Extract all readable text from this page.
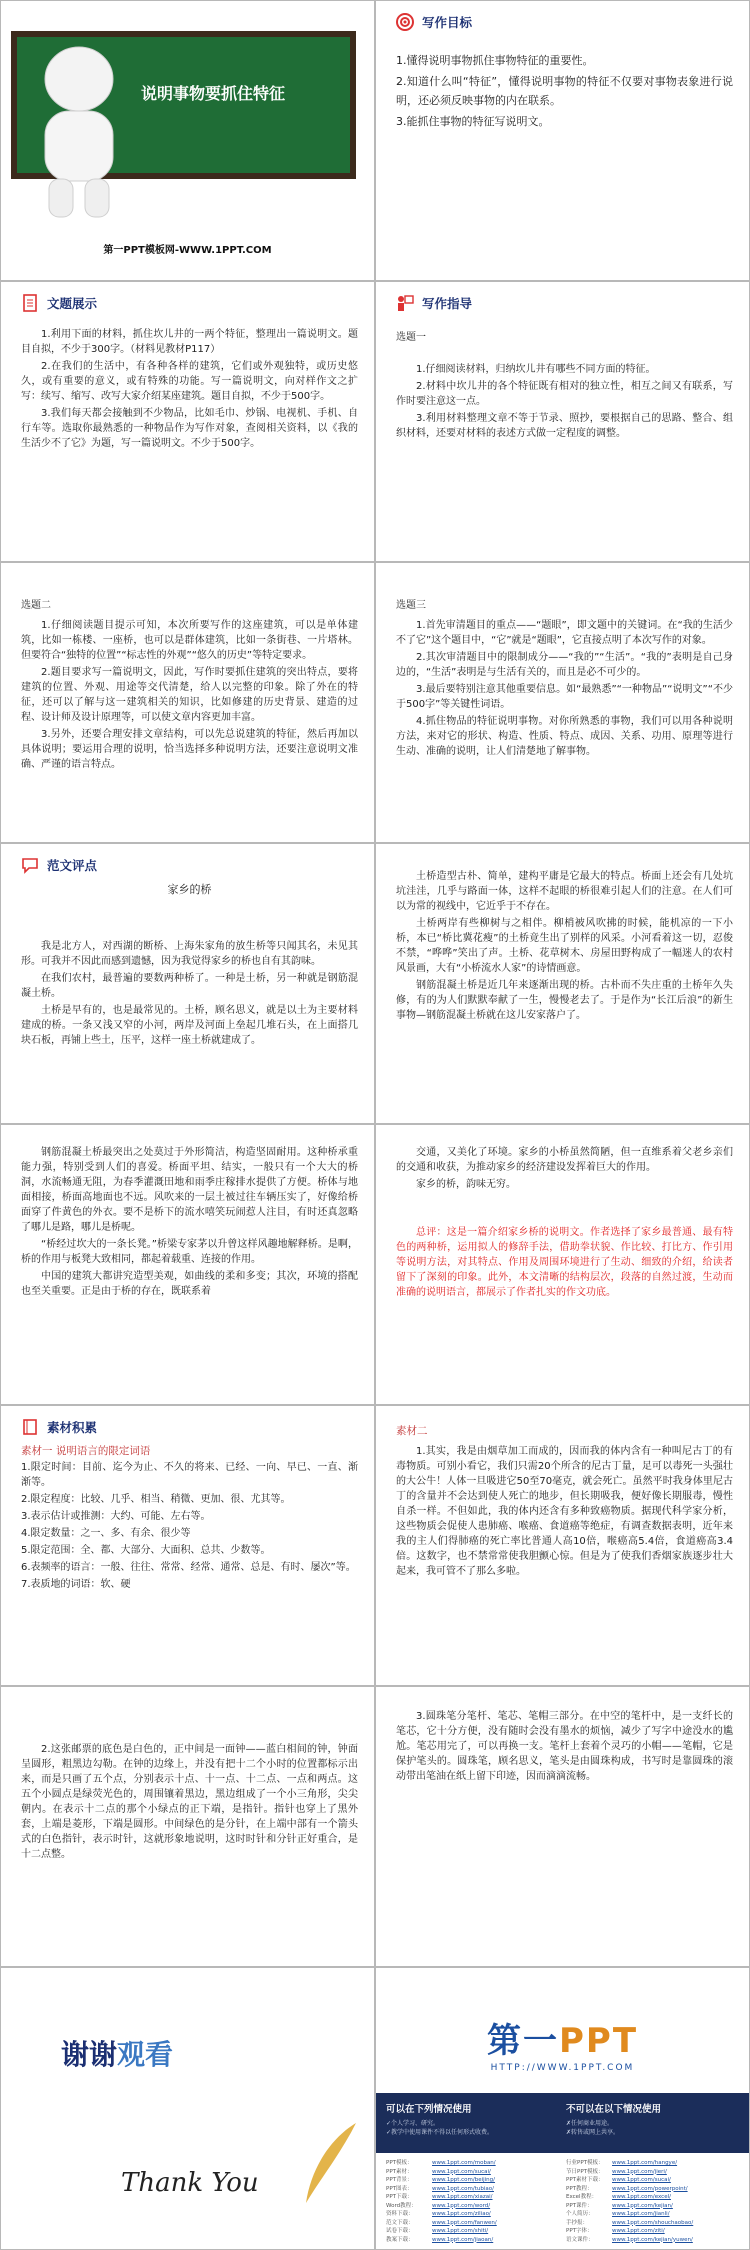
说明事物要抓住特征
第一PPT模板网-WWW.1PPT.COM
写作目标

1.懂得说明事物抓住事物特征的重要性。

2.知道什么叫“特征”，懂得说明事物的特征不仅要对事物表象进行说明，还必须反映事物的内在联系。

3.能抓住事物的特征写说明文。

文题展示

1.利用下面的材料，抓住坎儿井的一两个特征，整理出一篇说明文。题目自拟，不少于300字。（材料见教材P117）

2.在我们的生活中，有各种各样的建筑，它们或外观独特，或历史悠久，或有重要的意义，或有特殊的功能。写一篇说明文，向对样作文之扩写：续写、缩写、改写大家介绍某座建筑。题目自拟，不少于500字。

3.我们每天都会接触到不少物品，比如毛巾、炒锅、电视机、手机、自行车等。选取你最熟悉的一种物品作为写作对象，查阅相关资料，以《我的生活少不了它》为题，写一篇说明文。不少于500字。

写作指导
选题一

1.仔细阅读材料，归纳坎儿井有哪些不同方面的特征。

2.材料中坎儿井的各个特征既有相对的独立性，相互之间又有联系，写作时要注意这一点。

3.利用材料整理文章不等于节录、照抄，要根据自己的思路、整合、组织材料，还要对材料的表述方式做一定程度的调整。

选题二

1.仔细阅读题目提示可知，本次所要写作的这座建筑，可以是单体建筑，比如一栋楼、一座桥，也可以是群体建筑，比如一条街巷、一片塔林。但要符合“独特的位置”“标志性的外观”“悠久的历史”等特定要求。

2.题目要求写一篇说明文，因此，写作时要抓住建筑的突出特点，要将建筑的位置、外观、用途等交代清楚，给人以完整的印象。除了外在的特征，还可以了解与这一建筑相关的知识，比如修建的历史背景、建造的过程、设计师及设计原理等，可以使文章内容更加丰富。

3.另外，还要合理安排文章结构，可以先总说建筑的特征，然后再加以具体说明；要运用合理的说明，恰当选择多种说明方法，还要注意说明文准确、严谨的语言特点。

选题三

1.首先审清题目的重点——“题眼”，即文题中的关键词。在“我的生活少不了它”这个题目中，“它”就是“题眼”，它直接点明了本次写作的对象。

2.其次审清题目中的限制成分——“我的”“生活”。“我的”表明是自己身边的，“生活”表明是与生活有关的，而且是必不可少的。

3.最后要特别注意其他重要信息。如“最熟悉”“一种物品”“说明文”“不少于500字”等关键性词语。

4.抓住物品的特征说明事物。对你所熟悉的事物，我们可以用各种说明方法，来对它的形状、构造、性质、特点、成因、关系、功用、原理等进行生动、准确的说明，让人们清楚地了解事物。

范文评点
家乡的桥

我是北方人，对西湖的断桥、上海朱家角的放生桥等只闻其名，未见其形。可我并不因此而感到遗憾，因为我觉得家乡的桥也自有其韵味。

在我们农村，最普遍的要数两种桥了。一种是土桥，另一种就是钢筋混凝土桥。

土桥是早有的，也是最常见的。土桥，顾名思义，就是以土为主要材料建成的桥。一条又浅又窄的小河，两岸及河面上垒起几堆石头，在上面搭几块石板，再铺上些土，压平，这样一座土桥就建成了。

土桥造型古朴、简单，建构平庸是它最大的特点。桥面上还会有几处坑坑洼洼，几乎与路面一体，这样不起眼的桥很难引起人们的注意。在人们可以为常的视线中，它近乎于不存在。

土桥两岸有些柳树与之相伴。柳梢被风吹拂的时候，能机凉的一下小桥，本已“桥比冀花瘦”的土桥竟生出了别样的风采。小河看着这一切，忍俊不禁，“哗哗”笑出了声。土桥、花草树木、房屋田野构成了一幅迷人的农村风景画，大有“小桥流水人家”的诗情画意。

钢筋混凝土桥是近几年来逐渐出现的桥。古朴而不失庄重的土桥年久失修，有的为人们默默奉献了一生，慢慢老去了。于是作为“长江后浪”的新生事物—钢筋混凝土桥就在这儿安家落户了。

钢筋混凝土桥最突出之处莫过于外形简洁，构造坚固耐用。这种桥承重能力强，特别受到人们的喜爱。桥面平坦、结实，一般只有一个大大的桥洞，水流畅通无阻，为春季灌溉田地和雨季庄稼排水提供了方便。桥体与地面相接，桥面高地面也不远。风吹来的一层土被过往车辆压实了，好像给桥面穿了件黄色的外衣。要不是桥下的流水嘻笑玩闹惹人注目，有时还真忽略了哪儿是路，哪儿是桥呢。

“桥经过坎大的一条长凳。”桥梁专家茅以升曾这样风趣地解释桥。是啊，桥的作用与板凳大致相同，都起着载重、连接的作用。

中国的建筑大都讲究造型美观，如曲线的柔和多变；其次，环境的搭配也至关重要。正是由于桥的存在，既联系着

交通，又美化了环境。家乡的小桥虽然简陋，但一直维系着父老乡亲们的交通和收获，为推动家乡的经济建设发挥着巨大的作用。

家乡的桥，韵味无穷。

总评：这是一篇介绍家乡桥的说明文。作者选择了家乡最普通、最有特色的两种桥，运用拟人的修辞手法，借助拳状貌、作比较、打比方、作引用等说明方法，对其特点、作用及周围环境进行了生动、细致的介绍，给读者留下了深刻的印象。此外，本文清晰的结构层次，段落的自然过渡，生动而准确的说明语言，都展示了作者扎实的作文功底。
素材积累
素材一 说明语言的限定词语

1.限定时间：目前、迄今为止、不久的将来、已经、一向、早已、一直、渐渐等。

2.限定程度：比较、几乎、相当、稍微、更加、很、尤其等。

3.表示估计或推测：大约、可能、左右等。

4.限定数量：之一、多、有余、很少等

5.限定范围：全、都、大部分、大面积、总共、少数等。

6.表频率的语言：一般、往往、常常、经常、通常、总是、有时、屡次”等。

7.表质地的词语：软、硬

素材二
1.其实，我是由烟草加工而成的，因而我的体内含有一种叫尼古丁的有毒物质。可别小看它，我们只需20个所含的尼古丁量，足可以毒死一头强壮的大公牛！人体一旦吸进它50至70毫克，就会死亡。虽然平时我身体里尼古丁的含量并不会达到使人死亡的地步，但长期吸我，便好像长期服毒，慢性自杀一样。不但如此，我的体内还含有多种致癌物质。据现代科学家分析，这些物质会促使人患肺癌、喉癌、食道癌等绝症，有调查数据表明，近年来我的主人们得肺癌的死亡率比普通人高10倍，喉癌高5.4倍，食道癌高3.4倍。这数字，也不禁常常使我胆颤心惊。但是为了使我们香烟家族逐步壮大起来，我可管不了那么多啦。
2.这张邮票的底色是白色的，正中间是一面钟——蓝白相间的钟，钟面呈圆形，粗黑边勾勒。在钟的边缘上，并没有把十二个小时的位置都标示出来，而是只画了五个点，分别表示十点、十一点、十二点、一点和两点。这五个小圆点是绿荧光色的，周围镶着黑边，黑边组成了一个小三角形，尖尖朝内。在表示十二点的那个小绿点的正下端，是指针。指针也穿上了黑外套，上端是菱形，下端是圆形。中间绿色的是分针，在上端中部有一个箭头式的白色指针，表示时针，这就形象地说明，这时时针和分针正好重合，是十二点整。
3.圆珠笔分笔杆、笔芯、笔帽三部分。在中空的笔杆中，是一支纤长的笔芯，它十分方便，没有随时会没有墨水的烦恼，减少了写字中途没水的尴尬。笔芯用完了，可以再换一支。笔杆上套着个灵巧的小帽——笔帽，它是保护笔头的。圆珠笔，顾名思义，笔头是由圆珠构成，书写时是靠圆珠的滚动带出笔油在纸上留下印迹，因而滴滴流畅。
谢谢观看
Thank You
第一PPT
HTTP://WWW.1PPT.COM
可以在下列情况使用
✓个人学习、研究。
✓教学中使用课件不得以任何形式收费。
不可以在以下情况使用
✗任何商业用途。
✗转售或网上共享。
PPT模板：	www.1ppt.com/moban/
PPT素材：	www.1ppt.com/sucai/
PPT背景：	www.1ppt.com/beijing/
PPT图表：	www.1ppt.com/tubiao/
PPT下载：	www.1ppt.com/xiazai/
Word教程：	www.1ppt.com/word/
资料下载：	www.1ppt.com/ziliao/
范文下载：	www.1ppt.com/fanwen/
试卷下载：	www.1ppt.com/shiti/
教案下载：	www.1ppt.com/jiaoan/
行业PPT模板： www.1ppt.com/hangye/
节日PPT模板： www.1ppt.com/jieri/
PPT素材下载： www.1ppt.com/sucai/
PPT教程：	www.1ppt.com/powerpoint/
Excel教程：	www.1ppt.com/excel/
PPT课件：	www.1ppt.com/kejian/
个人简历：	www.1ppt.com/jianli/
手抄报：	www.1ppt.com/shouchaobao/
PPT字体：	www.1ppt.com/ziti/
语文课件：	www.1ppt.com/kejian/yuwen/
